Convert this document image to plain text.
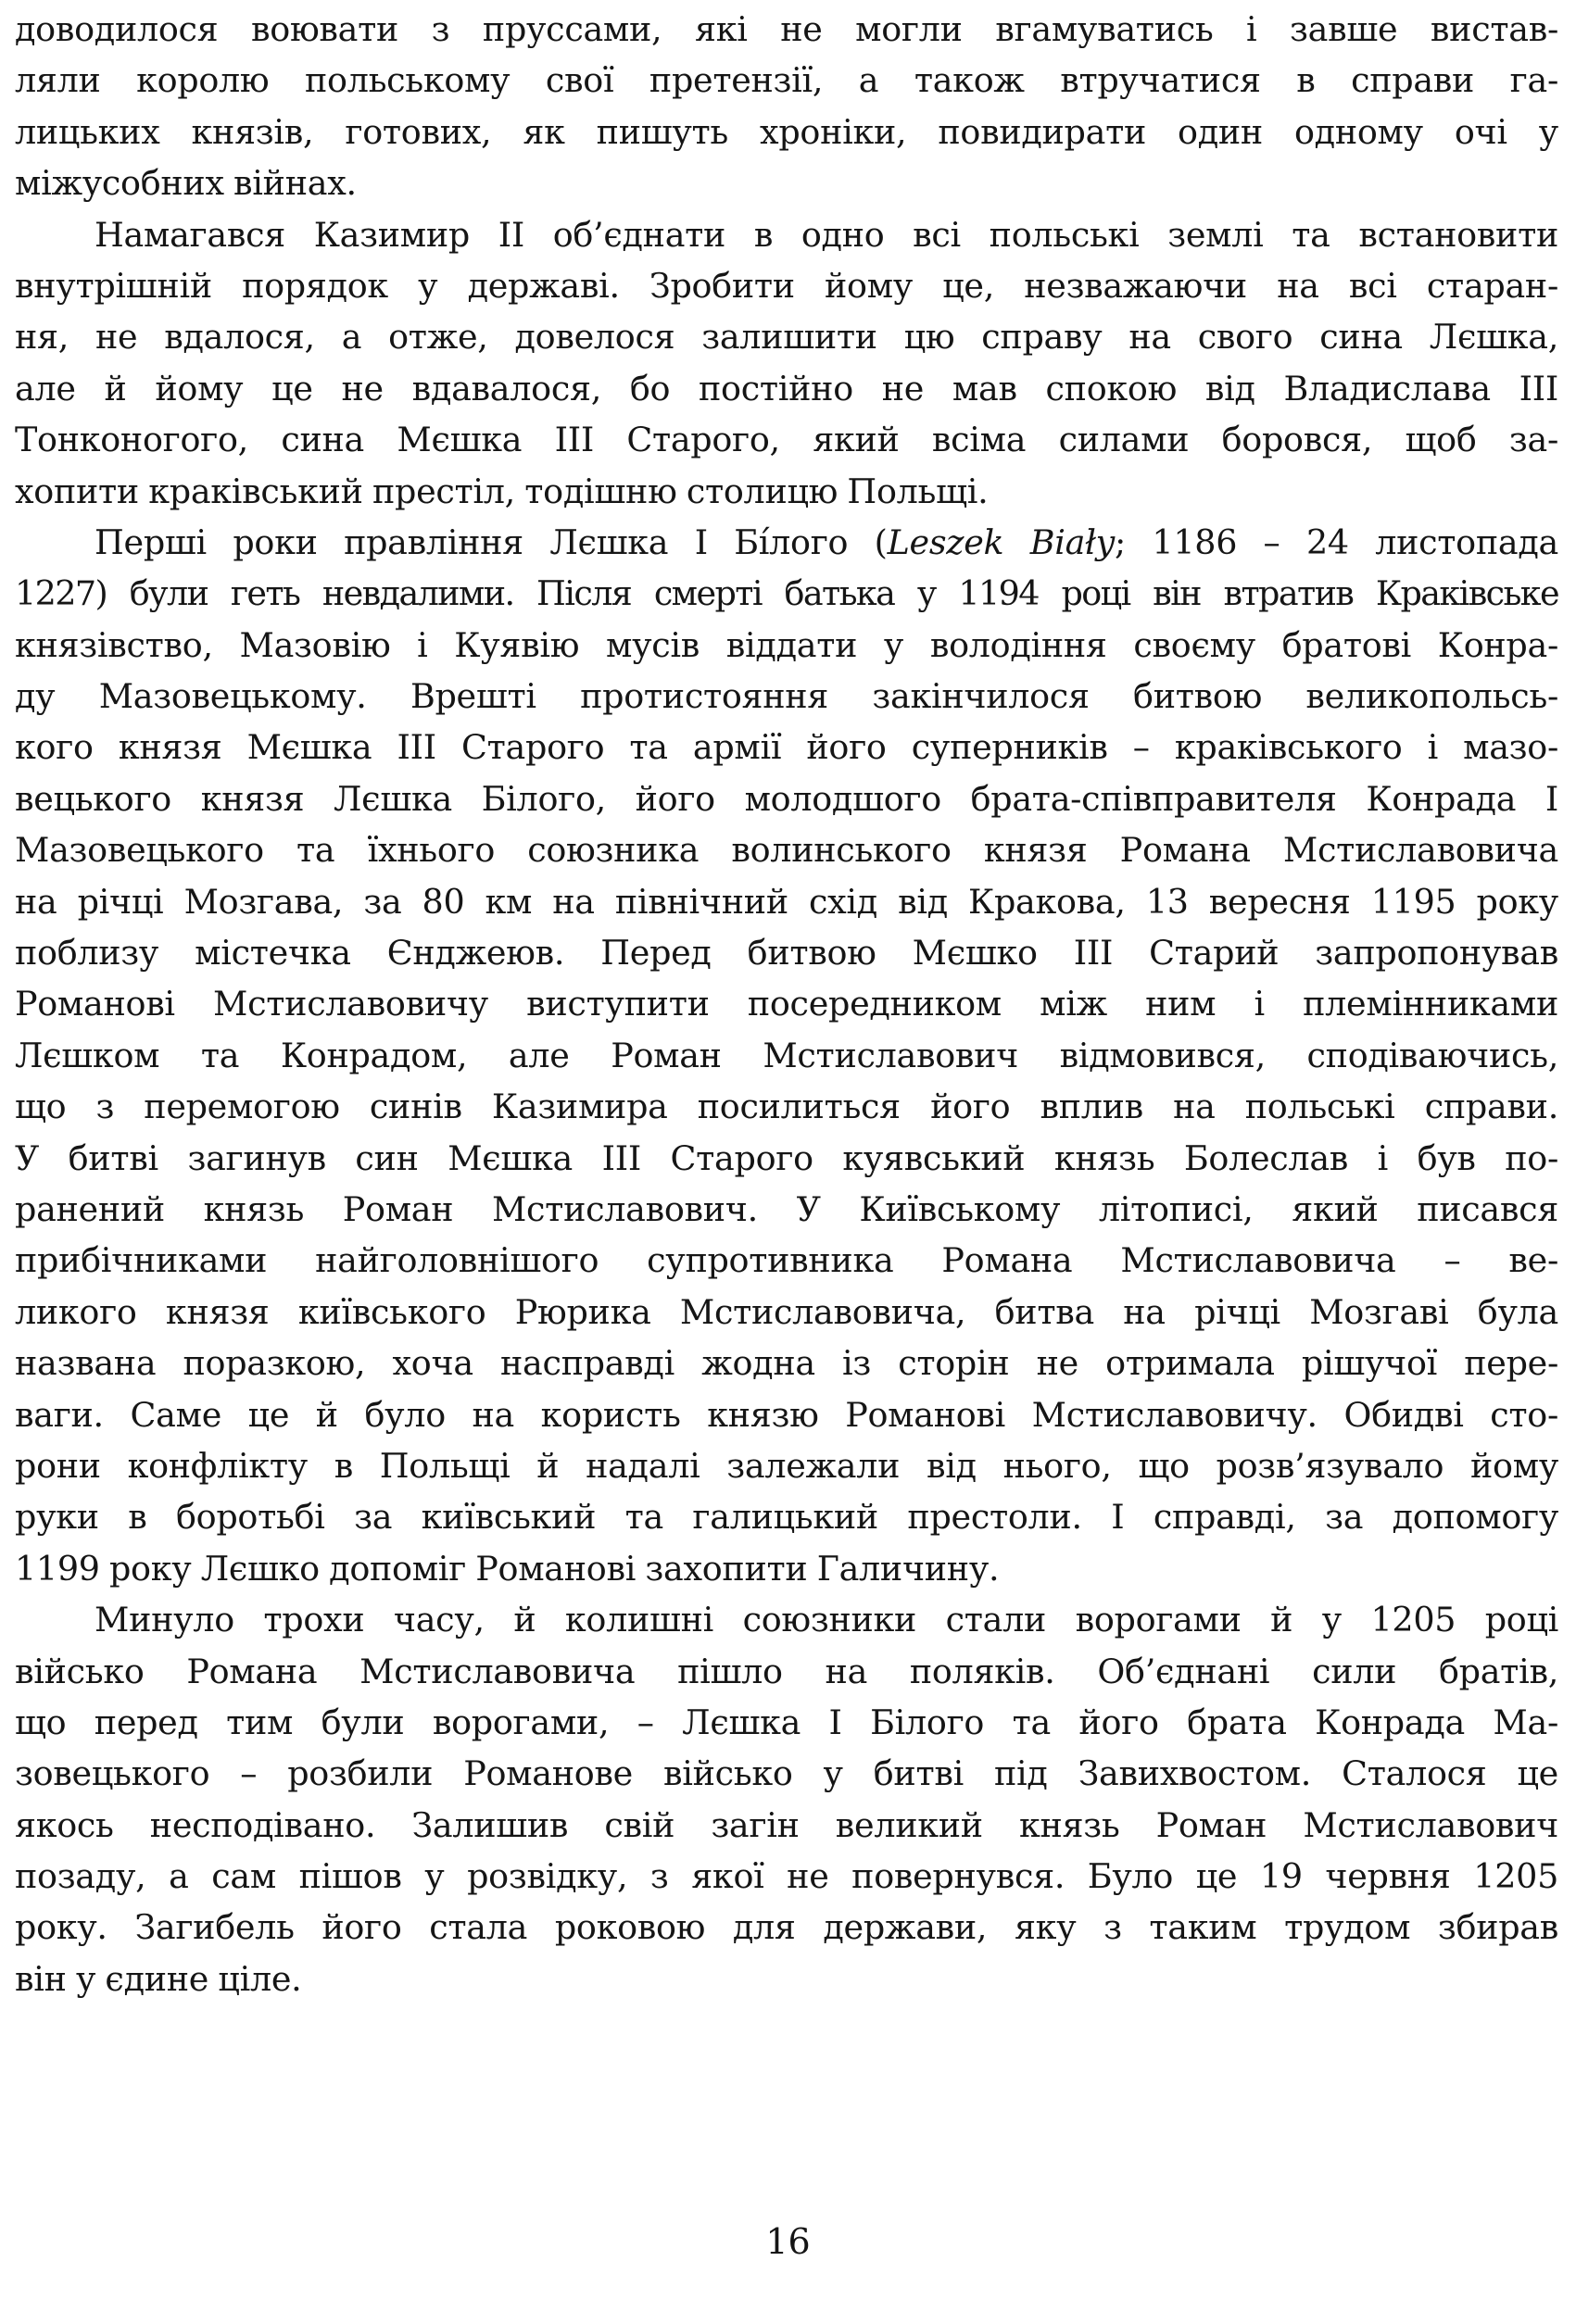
доводилося воювати з пруссами, які не могли вгамуватись і завше вистав-
ляли королю польському свої претензії, а також втручатися в справи га-
лицьких князів, готових, як пишуть хроніки, повидирати один одному очі у
міжусобних війнах.
Намагався Казимир II об’єднати в одно всі польські землі та встановити
внутрішній порядок у державі. Зробити йому це, незважаючи на всі старан-
ня, не вдалося, а отже, довелося залишити цю справу на свого сина Лєшка,
але й йому це не вдавалося, бо постійно не мав спокою від Владислава III
Тонконогого, сина Мєшка III Старого, який всіма силами боровся, щоб за-
хопити краківський престіл, тодішню столицю Польщі.
Перші роки правління Лєшка І Бі́лого (Leszek Biały; 1186 – 24 листопада
1227) були геть невдалими. Після смерті батька у 1194 році він втратив Краківське
князівство, Мазовію і Куявію мусів віддати у володіння своєму братові Конра-
ду Мазовецькому. Врешті протистояння закінчилося битвою великопольсь-
кого князя Мєшка III Старого та армії його суперників – краківського і мазо-
вецького князя Лєшка Білого, його молодшого брата-співправителя Конрада I
Мазовецького та їхнього союзника волинського князя Романа Мстиславовича
на річці Мозгава, за 80 км на північний схід від Кракова, 13 вересня 1195 року
поблизу містечка Єнджеюв. Перед битвою Мєшко III Старий запропонував
Романові Мстиславовичу виступити посередником між ним і племінниками
Лєшком та Конрадом, але Роман Мстиславович відмовився, сподіваючись,
що з перемогою синів Казимира посилиться його вплив на польські справи.
У битві загинув син Мєшка III Старого куявський князь Болеслав і був по-
ранений князь Роман Мстиславович. У Київському літописі, який писався
прибічниками найголовнішого супротивника Романа Мстиславовича – ве-
ликого князя київського Рюрика Мстиславовича, битва на річці Мозгаві була
названа поразкою, хоча насправді жодна із сторін не отримала рішучої пере-
ваги. Саме це й було на користь князю Романові Мстиславовичу. Обидві сто-
рони конфлікту в Польщі й надалі залежали від нього, що розв’язувало йому
руки в боротьбі за київський та галицький престоли. І справді, за допомогу
1199 року Лєшко допоміг Романові захопити Галичину.
Минуло трохи часу, й колишні союзники стали ворогами й у 1205 році
військо Романа Мстиславовича пішло на поляків. Об’єднані сили братів,
що перед тим були ворогами, – Лєшка І Білого та його брата Конрада Ма-
зовецького – розбили Романове військо у битві під Завихвостом. Сталося це
якось несподівано. Залишив свій загін великий князь Роман Мстиславович
позаду, а сам пішов у розвідку, з якої не повернувся. Було це 19 червня 1205
року. Загибель його стала роковою для держави, яку з таким трудом збирав
він у єдине ціле.
16
